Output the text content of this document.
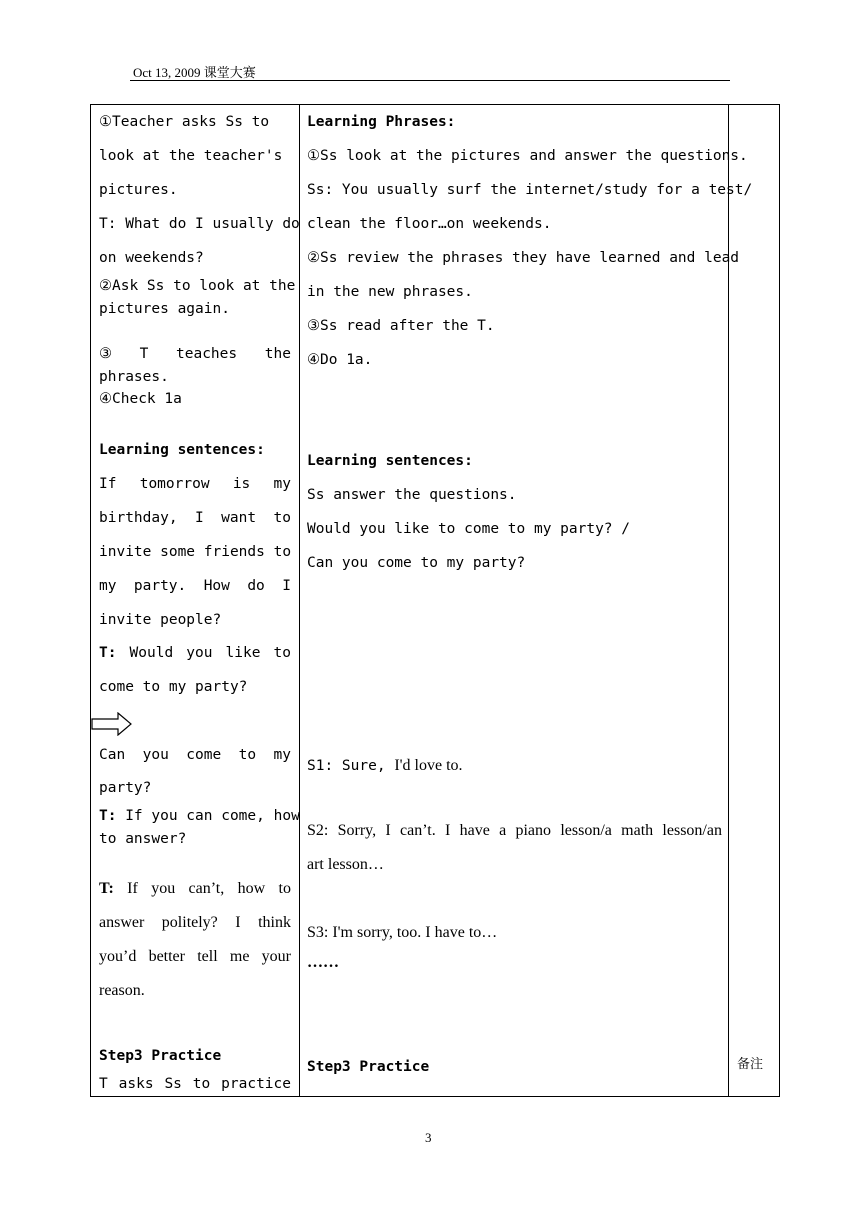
Oct 13, 2009 课堂大赛
①Teacher asks Ss to
look at the teacher's
pictures.
T: What do I usually do
on weekends?
②Ask Ss to look at the
pictures again.
③ T teaches the
phrases.
④Check 1a
Learning sentences:
If tomorrow is my
birthday, I want to
invite some friends to
my party. How do I
invite people?
T: Would you like to
come to my party?
Can you come to my
party?
T: If you can come, how
to answer?
T: If you can’t, how to
answer politely? I think
you’d better tell me your
reason.
Step3 Practice
T asks Ss to practice
Learning Phrases:
①Ss look at the pictures and answer the questions.
Ss: You usually surf the internet/study for a test/
clean the floor…on weekends.
②Ss review the phrases they have learned and lead
in the new phrases.
③Ss read after the T.
④Do 1a.
Learning sentences:
Ss answer the questions.
Would you like to come to my party? /
Can you come to my party?
S1: Sure, I'd love to.
S2: Sorry, I can’t. I have a piano lesson/a math lesson/an
art lesson…
S3: I'm sorry, too. I have to…
……
Step3 Practice	备注
3
